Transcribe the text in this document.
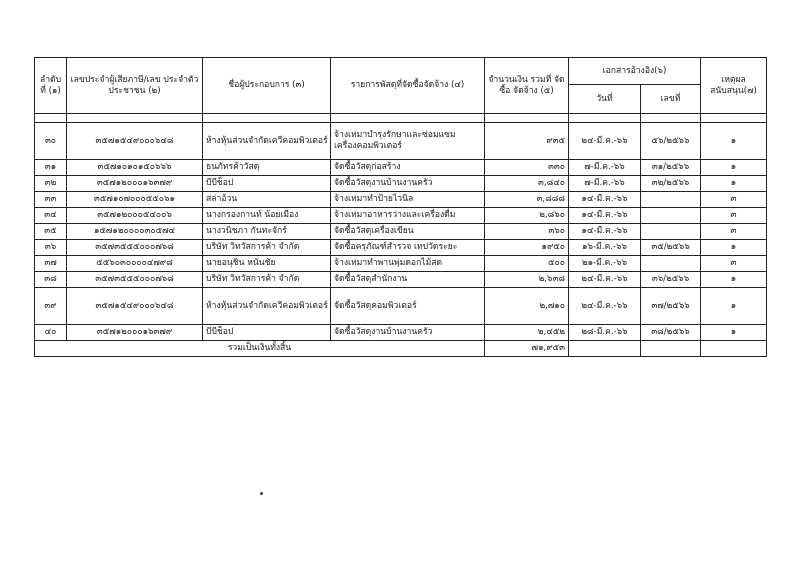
ลำดับที่ (๑)	เลขประจำผู้เสียภาษี/เลข ประจำตัวประชาชน (๒)	ชื่อผู้ประกอบการ (๓)	รายการพัสดุที่จัดซื้อจัดจ้าง (๔)	จำนวนเงิน รวมที่ จัดซื้อ จัดจ้าง (๕)	เอกสารอ้างอิง(๖)		เหตุผล สนับสนุน(๗)
					วันที่	เลขที่	

๓๐	๓๕๗๑๕๔๙๐๐๐๖๔๘	ห้างหุ้นส่วนจำกัดเควีคอมพิวเตอร์	จ้างเหมาบำรุงรักษาและซ่อมแซม เครื่องคอมพิวเตอร์	๙๓๕	๒๔-มี.ค.-๖๖	๕๖/๒๕๖๖	๑
๓๑	๓๕๗๑๐๑๐๑๕๐๖๖๖	ธนภัทรค้าวัสดุ	จัดซื้อวัสดุก่อสร้าง	๓๓๐	๗-มี.ค.-๖๖	๓๑/๒๕๖๖	๑
๓๒	๓๕๗๑๒๐๐๐๑๖๓๗๙	บีบีช็อป	จัดซื้อวัสดุงานบ้านงานครัว	๓,๘๔๐	๗-มี.ค.-๖๖	๓๒/๒๕๖๖	๑
๓๓	๓๕๗๑๐๗๐๐๐๕๕๐๖๑	สล่าอ้วน	จ้างเหมาทำป้ายไวนิล	๓,๘๘๘	๑๔-มี.ค.-๖๖		๓
๓๔	๓๕๗๑๒๐๐๐๕๔๐๐๖	นางกรองกานท์ น้อยเมือง	จ้างเหมาอาหารว่างและเครื่องดื่ม	๒,๘๖๐	๑๔-มี.ค.-๖๖		๓
๓๕	๑๕๗๑๒๐๐๐๐๓๐๕๗๔	นางวนิชภา กันทะจักร์	จัดซื้อวัสดุเครื่องเขียน	๓๖๐	๑๔-มี.ค.-๖๖		๓
๓๖	๓๕๗๓๕๕๕๐๐๐๗๖๘	บริษัท วิทวัสการค้า จำกัด	จัดซื้อครุภัณฑ์สำรวจ เทปวัดระยะ	๑๙๕๐	๑๖-มี.ค.-๖๖	๓๕/๒๕๖๖	๑
๓๗	๕๕๖๐๓๐๐๐๐๔๗๙๘	นายอนุชิน หนันชัย	จ้างเหมาทำพานพุ่มดอกไม้สด	๕๐๐	๒๑-มี.ค.-๖๖		๓
๓๘	๓๕๗๓๕๕๕๐๐๐๗๖๘	บริษัท วิทวัสการค้า จำกัด	จัดซื้อวัสดุสำนักงาน	๒,๖๓๘	๒๔-มี.ค.-๖๖	๓๖/๒๕๖๖	๑
๓๙	๓๕๗๑๕๔๙๐๐๐๖๔๘	ห้างหุ้นส่วนจำกัดเควีคอมพิวเตอร์	จัดซื้อวัสดุคอมพิวเตอร์	๒,๗๑๐	๒๔-มี.ค.-๖๖	๓๗/๒๕๖๖	๑
๔๐	๓๕๗๑๒๐๐๐๑๖๓๗๙	บีบีช็อป	จัดซื้อวัสดุงานบ้านงานครัว	๒,๔๕๒	๒๘-มี.ค.-๖๖	๓๘/๒๕๖๖	๑
รวมเป็นเงินทั้งสิ้น				๗๑,๙๕๓			
